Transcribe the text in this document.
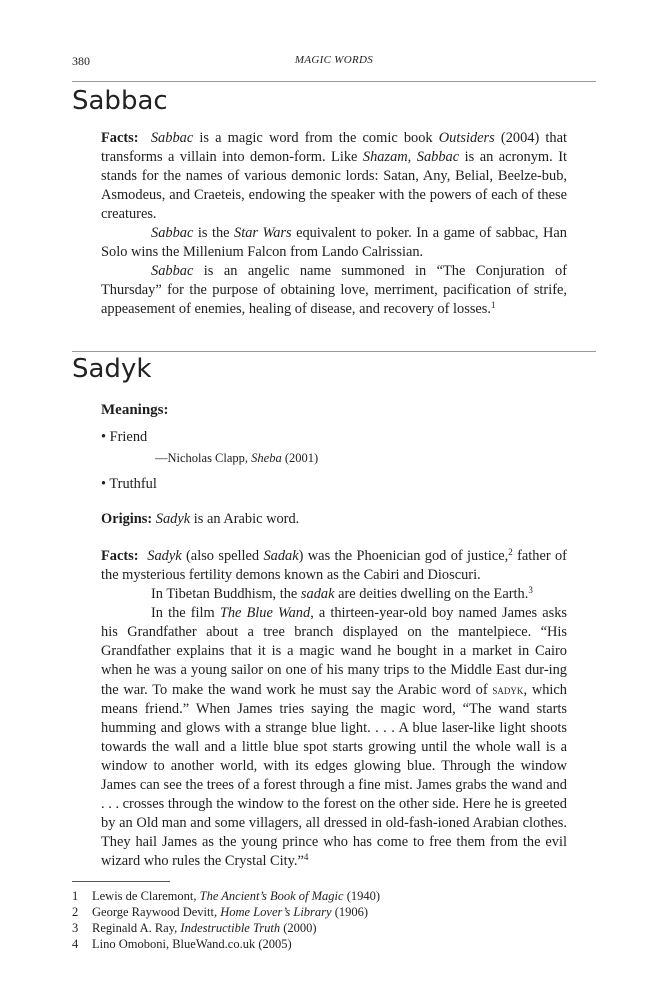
380	MAGIC WORDS
Sabbac

Facts: Sabbac is a magic word from the comic book Outsiders (2004) that transforms a villain into demon-form. Like Shazam, Sabbac is an acronym. It stands for the names of various demonic lords: Satan, Any, Belial, Beelze-bub, Asmodeus, and Craeteis, endowing the speaker with the powers of each of these creatures.

Sabbac is the Star Wars equivalent to poker. In a game of sabbac, Han Solo wins the Millenium Falcon from Lando Calrissian.

Sabbac is an angelic name summoned in “The Conjuration of Thursday” for the purpose of obtaining love, merriment, pacification of strife, appeasement of enemies, healing of disease, and recovery of losses.$^1$

Sadyk
Meanings:
• Friend
—Nicholas Clapp, Sheba (2001)
• Truthful
Origins: Sadyk is an Arabic word.

Facts: Sadyk (also spelled Sadak) was the Phoenician god of justice,$^2$ father of the mysterious fertility demons known as the Cabiri and Dioscuri.

In Tibetan Buddhism, the sadak are deities dwelling on the Earth.$^3$

In the film The Blue Wand, a thirteen-year-old boy named James asks his Grandfather about a tree branch displayed on the mantelpiece. “His Grandfather explains that it is a magic wand he bought in a market in Cairo when he was a young sailor on one of his many trips to the Middle East dur-ing the war. To make the wand work he must say the Arabic word of sadyk, which means friend.” When James tries saying the magic word, “The wand starts humming and glows with a strange blue light. . . . A blue laser-like light shoots towards the wall and a little blue spot starts growing until the whole wall is a window to another world, with its edges glowing blue. Through the window James can see the trees of a forest through a fine mist. James grabs the wand and . . . crosses through the window to the forest on the other side. Here he is greeted by an Old man and some villagers, all dressed in old-fash-ioned Arabian clothes. They hail James as the young prince who has come to free them from the evil wizard who rules the Crystal City.”$^4$

1 Lewis de Claremont, The Ancient’s Book of Magic (1940)
2 George Raywood Devitt, Home Lover’s Library (1906)
3 Reginald A. Ray, Indestructible Truth (2000)
4 Lino Omoboni, BlueWand.co.uk (2005)
